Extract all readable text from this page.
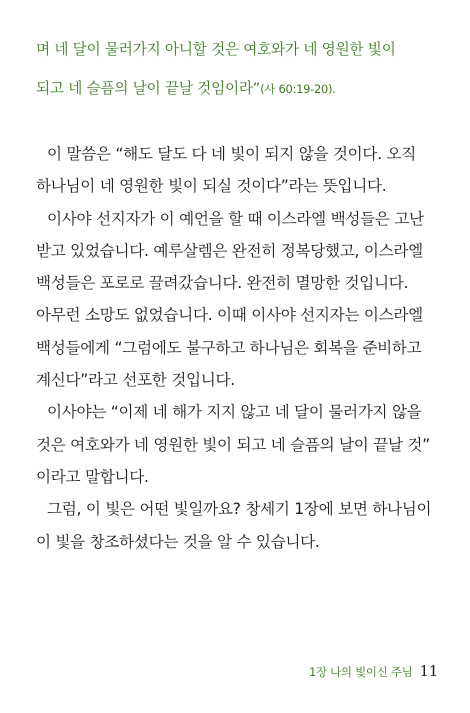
며 네 달이 물러가지 아니할 것은 여호와가 네 영원한 빛이
되고 네 슬픔의 날이 끝날 것임이라”(사 60:19-20).
이 말씀은 “해도 달도 다 네 빛이 되지 않을 것이다. 오직
하나님이 네 영원한 빛이 되실 것이다”라는 뜻입니다.
이사야 선지자가 이 예언을 할 때 이스라엘 백성들은 고난
받고 있었습니다. 예루살렘은 완전히 정복당했고, 이스라엘
백성들은 포로로 끌려갔습니다. 완전히 멸망한 것입니다.
아무런 소망도 없었습니다. 이때 이사야 선지자는 이스라엘
백성들에게 “그럼에도 불구하고 하나님은 회복을 준비하고
계신다”라고 선포한 것입니다.
이사야는 “이제 네 해가 지지 않고 네 달이 물러가지 않을
것은 여호와가 네 영원한 빛이 되고 네 슬픔의 날이 끝날 것”
이라고 말합니다.
그럼, 이 빛은 어떤 빛일까요? 창세기 1장에 보면 하나님이
이 빛을 창조하셨다는 것을 알 수 있습니다.
1장 나의 빛이신 주님 11
